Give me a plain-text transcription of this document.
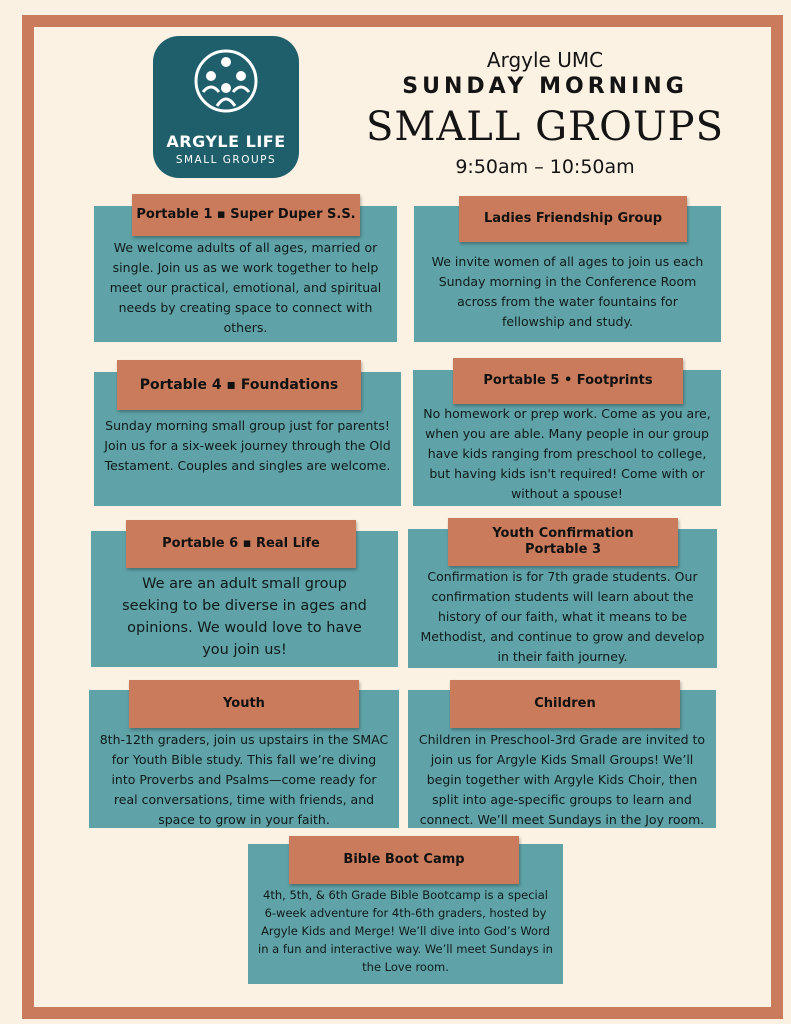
ARGYLE LIFE
SMALL GROUPS
Argyle UMC
SUNDAY MORNING
SMALL GROUPS
9:50am – 10:50am
We welcome adults of all ages, married or single. Join us as we work together to help meet our practical, emotional, and spiritual needs by creating space to connect with others.
Portable 1 ▪ Super Duper S.S.
We invite women of all ages to join us each Sunday morning in the Conference Room across from the water fountains for fellowship and study.
Ladies Friendship Group
Sunday morning small group just for parents! Join us for a six-week journey through the Old Testament. Couples and singles are welcome.
Portable 4 ▪ Foundations
No homework or prep work. Come as you are, when you are able. Many people in our group have kids ranging from preschool to college, but having kids isn't required! Come with or without a spouse!
Portable 5 • Footprints
We are an adult small group seeking to be diverse in ages and opinions. We would love to have you join us!
Portable 6 ▪ Real Life
Confirmation is for 7th grade students. Our confirmation students will learn about the history of our faith, what it means to be Methodist, and continue to grow and develop in their faith journey.
Youth Confirmation
Portable 3
8th-12th graders, join us upstairs in the SMAC for Youth Bible study. This fall we’re diving into Proverbs and Psalms—come ready for real conversations, time with friends, and space to grow in your faith.
Youth
Children in Preschool-3rd Grade are invited to join us for Argyle Kids Small Groups! We’ll begin together with Argyle Kids Choir, then split into age-specific groups to learn and connect. We’ll meet Sundays in the Joy room.
Children
4th, 5th, & 6th Grade Bible Bootcamp is a special 6-week adventure for 4th-6th graders, hosted by Argyle Kids and Merge! We’ll dive into God’s Word in a fun and interactive way. We’ll meet Sundays in the Love room.
Bible Boot Camp
